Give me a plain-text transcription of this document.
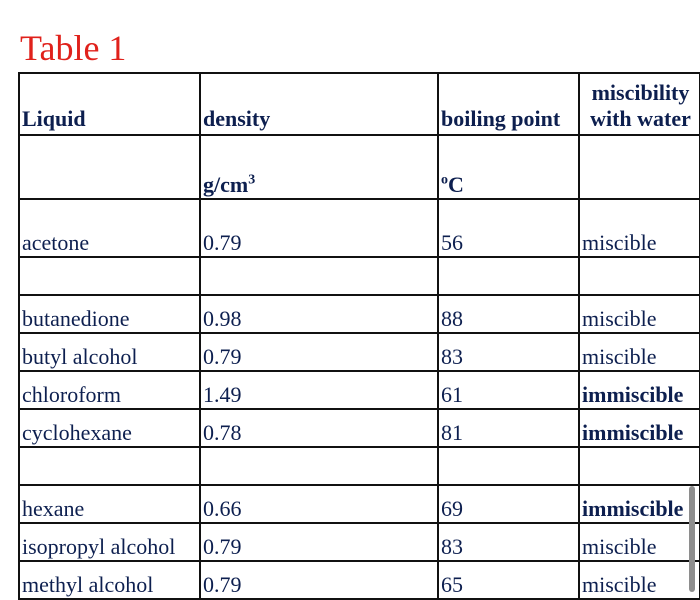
Table 1
Liquid	density	boiling point	miscibility
with water

	$g/cm^3$	$^o$C	
acetone	0.79	56	miscible

butanedione	0.98	88	miscible
butyl alcohol	0.79	83	miscible
chloroform	1.49	61	immiscible
cyclohexane	0.78	81	immiscible

hexane	0.66	69	immiscible
isopropyl alcohol	0.79	83	miscible
methyl alcohol	0.79	65	miscible
